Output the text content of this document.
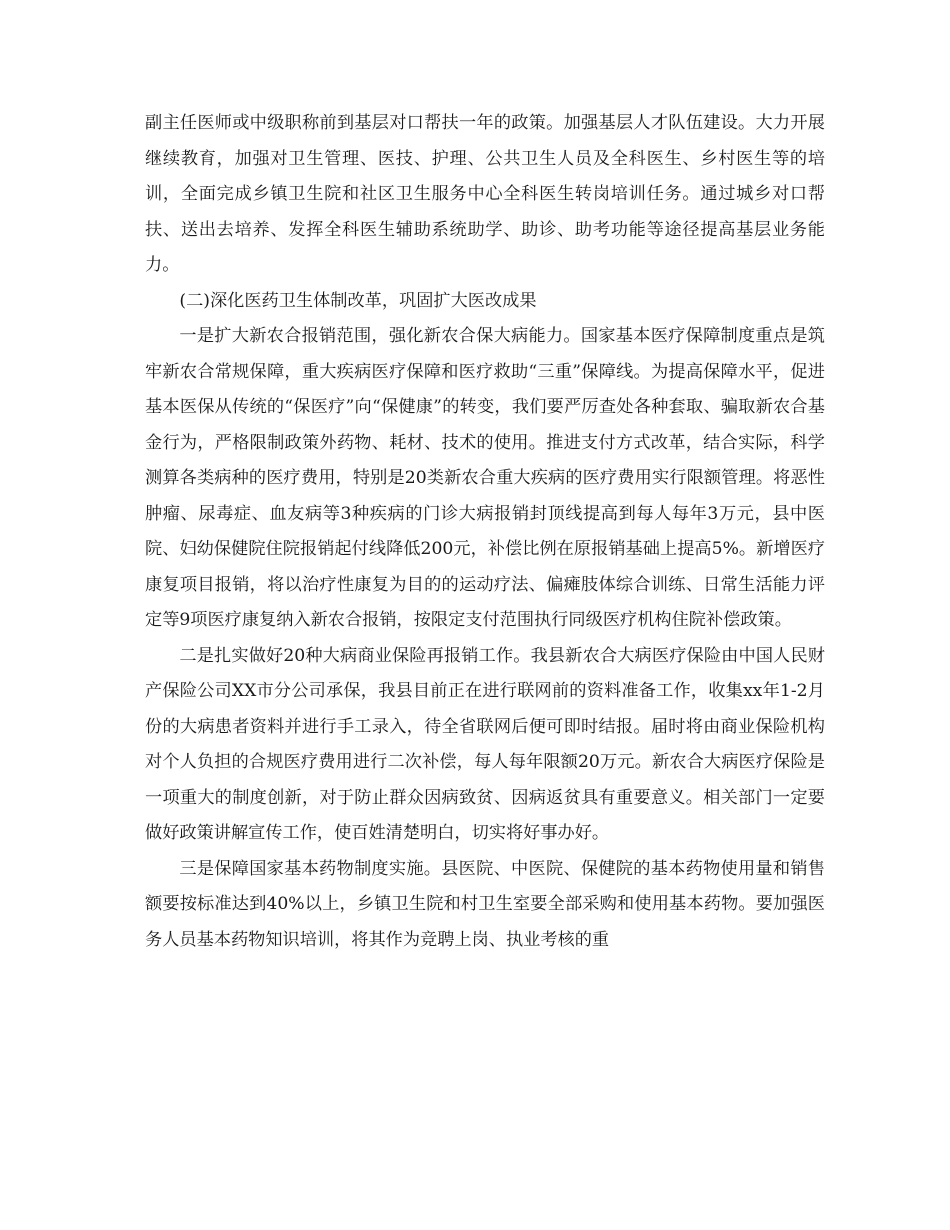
副主任医师或中级职称前到基层对口帮扶一年的政策。加强基层人才队伍建设。大力开展继续教育，加强对卫生管理、医技、护理、公共卫生人员及全科医生、乡村医生等的培训，全面完成乡镇卫生院和社区卫生服务中心全科医生转岗培训任务。通过城乡对口帮扶、送出去培养、发挥全科医生辅助系统助学、助诊、助考功能等途径提高基层业务能力。

(二)深化医药卫生体制改革，巩固扩大医改成果

一是扩大新农合报销范围，强化新农合保大病能力。国家基本医疗保障制度重点是筑牢新农合常规保障，重大疾病医疗保障和医疗救助“三重”保障线。为提高保障水平，促进基本医保从传统的“保医疗”向“保健康”的转变，我们要严厉查处各种套取、骗取新农合基金行为，严格限制政策外药物、耗材、技术的使用。推进支付方式改革，结合实际，科学测算各类病种的医疗费用，特别是20类新农合重大疾病的医疗费用实行限额管理。将恶性肿瘤、尿毒症、血友病等3种疾病的门诊大病报销封顶线提高到每人每年3万元，县中医院、妇幼保健院住院报销起付线降低200元，补偿比例在原报销基础上提高5%。新增医疗康复项目报销，将以治疗性康复为目的的运动疗法、偏瘫肢体综合训练、日常生活能力评定等9项医疗康复纳入新农合报销，按限定支付范围执行同级医疗机构住院补偿政策。

二是扎实做好20种大病商业保险再报销工作。我县新农合大病医疗保险由中国人民财产保险公司XX市分公司承保，我县目前正在进行联网前的资料准备工作，收集xx年1-2月份的大病患者资料并进行手工录入，待全省联网后便可即时结报。届时将由商业保险机构对个人负担的合规医疗费用进行二次补偿，每人每年限额20万元。新农合大病医疗保险是一项重大的制度创新，对于防止群众因病致贫、因病返贫具有重要意义。相关部门一定要做好政策讲解宣传工作，使百姓清楚明白，切实将好事办好。

三是保障国家基本药物制度实施。县医院、中医院、保健院的基本药物使用量和销售额要按标准达到40%以上，乡镇卫生院和村卫生室要全部采购和使用基本药物。要加强医务人员基本药物知识培训，将其作为竞聘上岗、执业考核的重
